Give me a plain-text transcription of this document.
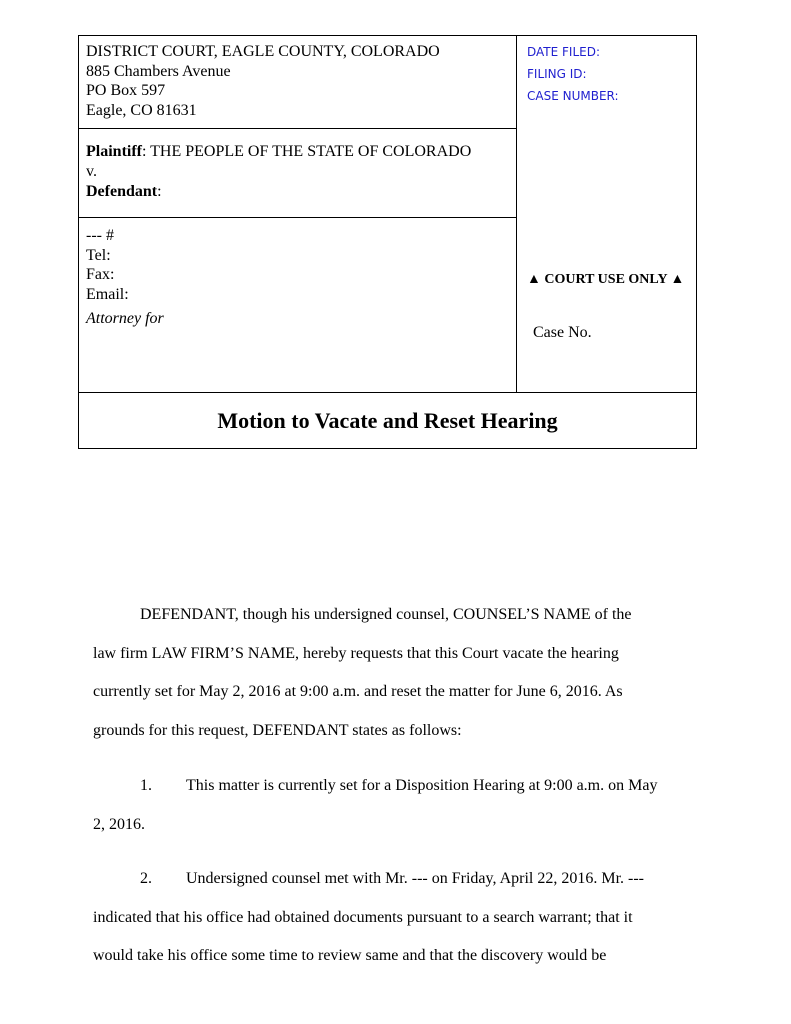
DISTRICT COURT, EAGLE COUNTY, COLORADO
885 Chambers Avenue
PO Box 597
Eagle, CO 81631
Plaintiff: THE PEOPLE OF THE STATE OF COLORADO
v.
Defendant:
--- #
Tel:
Fax:
Email:
Attorney for
DATE FILED:
FILING ID:
CASE NUMBER:
▲ COURT USE ONLY ▲
Case No.
Motion to Vacate and Reset Hearing
DEFENDANT, though his undersigned counsel, COUNSEL’S NAME of the
law firm LAW FIRM’S NAME, hereby requests that this Court vacate the hearing
currently set for May 2, 2016 at 9:00 a.m. and reset the matter for June 6, 2016. As
grounds for this request, DEFENDANT states as follows:
1. This matter is currently set for a Disposition Hearing at 9:00 a.m. on May
2, 2016.
2. Undersigned counsel met with Mr. --- on Friday, April 22, 2016. Mr. ---
indicated that his office had obtained documents pursuant to a search warrant; that it
would take his office some time to review same and that the discovery would be
